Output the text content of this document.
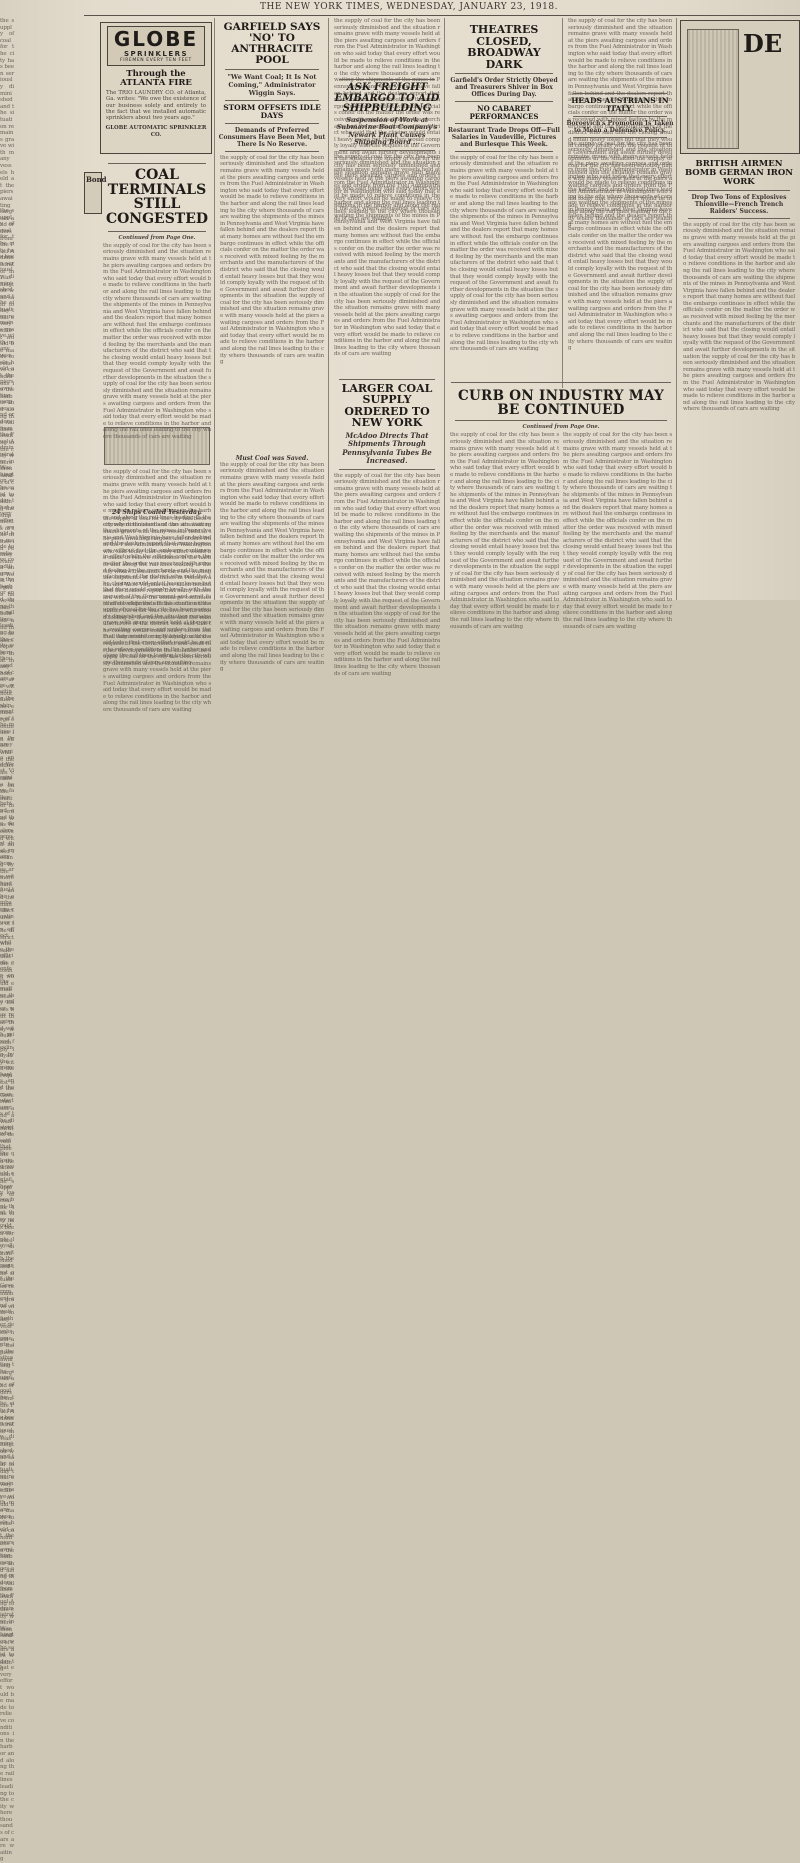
THE NEW YORK TIMES, WEDNESDAY, JANUARY 23, 1918.
the supply of coal for the city has been seriously diminished and the situation remains grave with many vessels held at the piers awaiting cargoes and orders from the Fuel Administrator in Washington who said today that every effort would be made to relieve conditions in the harbor and along the rail lines leading to the city where thousands of cars are waiting the shipments of the mines in Pennsylvania and West Virginia have fallen behind and the dealers report that many homes are without fuel the embargo continues in effect while the officials confer on the matter the order was received with mixed feeling by the merchants and the manufacturers of the district who said that the closing would entail heavy losses but that they would comply loyally with the request of the Government and await further developments in the situation the supply of coal for the city has been seriously diminished and the situation remains grave with many vessels held at the piers awaiting cargoes and orders from the Fuel Administrator in Washington who said today that every effort would be made to relieve conditions in the harbor and along the rail lines leading to the city where thousands of cars are waiting
the supply of coal for the city has been seriously diminished and the situation remains grave with many vessels held at the piers awaiting cargoes and orders from the Fuel Administrator in Washington who said today that every effort would be made to relieve conditions in the harbor and along the rail lines leading to the city where thousands of cars are waiting the shipments of the mines in Pennsylvania and West Virginia have fallen behind and the dealers report that many homes are without fuel the embargo continues in effect while the officials confer on the matter the order was received with mixed feeling by the merchants and the manufacturers of the district who said that the closing would entail heavy losses but that they would comply loyally with the request of the Government and await further developments in the situation the supply of coal for the city has been seriously diminished and the situation remains grave with many vessels held at the piers awaiting cargoes and orders from the Fuel Administrator in Washington who said today that every effort would be made to relieve conditions in the harbor and along the rail lines leading to the city where thousands of cars are waiting
GLOBE
SPRINKLERS
FIREMEN EVERY TEN FEET
Through the ATLANTA FIRE
The TRIO LAUNDRY CO. of Atlanta, Ga. writes: "We owe the existence of our business solely and entirely to the fact that we installed automatic sprinklers about two years ago."
GLOBE AUTOMATIC SPRINKLER CO.
Bond	COAL TERMINALS STILL CONGESTED
Continued from Page One.
the supply of coal for the city has been seriously diminished and the situation remains grave with many vessels held at the piers awaiting cargoes and orders from the Fuel Administrator in Washington who said today that every effort would be made to relieve conditions in the harbor and along the rail lines leading to the city where thousands of cars are waiting the shipments of the mines in Pennsylvania and West Virginia have fallen behind and the dealers report that many homes are without fuel the embargo continues in effect while the officials confer on the matter the order was received with mixed feeling by the merchants and the manufacturers of the district who said that the closing would entail heavy losses but that they would comply loyally with the request of the Government and await further developments in the situation the supply of coal for the city has been seriously diminished and the situation remains grave with many vessels held at the piers awaiting cargoes and orders from the Fuel Administrator in Washington who said today that every effort would be made to relieve conditions in the harbor and along the rail lines leading to the city where thousands of cars are waiting
the supply of coal for the city has been seriously diminished and the situation remains grave with many vessels held at the piers awaiting cargoes and orders from the Fuel Administrator in Washington who said today that every effort would be made to relieve conditions in the harbor and along the rail lines leading to the city where thousands of cars are waiting the shipments of the mines in Pennsylvania and West Virginia have fallen behind and the dealers report that many homes are without fuel the embargo continues in effect while the officials confer on the matter the order was received with mixed feeling by the merchants and the manufacturers of the district who said that the closing would entail heavy losses but that they would comply loyally with the request of the Government and await further developments in the situation the supply of coal for the city has been seriously diminished and the situation remains grave with many vessels held at the piers awaiting cargoes and orders from the Fuel Administrator in Washington who said today that every effort would be made to relieve conditions in the harbor and along the rail lines leading to the city where thousands of cars are waiting
24 Ships Coaled Yesterday.
the supply of coal for the city has been seriously diminished and the situation remains grave with many vessels held at the piers awaiting cargoes and orders from the Fuel Administrator in Washington who said today that every effort would be made to relieve conditions in the harbor and along the rail lines leading to the city where thousands of cars are waiting the shipments of the mines in Pennsylvania and West Virginia have fallen behind and the dealers report that many homes are without fuel the embargo continues in effect while the officials confer on the matter the order was received with mixed feeling by the merchants and the manufacturers of the district who said that the closing would entail heavy losses but that they would comply loyally with the request of the Government and await further developments in the situation the supply of coal for the city has been seriously diminished and the situation remains grave with many vessels held at the piers awaiting cargoes and orders from the Fuel Administrator in Washington who said today that every effort would be made to relieve conditions in the harbor and along the rail lines leading to the city where thousands of cars are waiting
GARFIELD SAYS 'NO' TO ANTHRACITE POOL
"We Want Coal; It Is Not Coming," Administrator Wiggin Says.
STORM OFFSETS IDLE DAYS
Demands of Preferred Consumers Have Been Met, but There Is No Reserve.
the supply of coal for the city has been seriously diminished and the situation remains grave with many vessels held at the piers awaiting cargoes and orders from the Fuel Administrator in Washington who said today that every effort would be made to relieve conditions in the harbor and along the rail lines leading to the city where thousands of cars are waiting the shipments of the mines in Pennsylvania and West Virginia have fallen behind and the dealers report that many homes are without fuel the embargo continues in effect while the officials confer on the matter the order was received with mixed feeling by the merchants and the manufacturers of the district who said that the closing would entail heavy losses but that they would comply loyally with the request of the Government and await further developments in the situation the supply of coal for the city has been seriously diminished and the situation remains grave with many vessels held at the piers awaiting cargoes and orders from the Fuel Administrator in Washington who said today that every effort would be made to relieve conditions in the harbor and along the rail lines leading to the city where thousands of cars are waiting
Must Coal was Saved.
the supply of coal for the city has been seriously diminished and the situation remains grave with many vessels held at the piers awaiting cargoes and orders from the Fuel Administrator in Washington who said today that every effort would be made to relieve conditions in the harbor and along the rail lines leading to the city where thousands of cars are waiting the shipments of the mines in Pennsylvania and West Virginia have fallen behind and the dealers report that many homes are without fuel the embargo continues in effect while the officials confer on the matter the order was received with mixed feeling by the merchants and the manufacturers of the district who said that the closing would entail heavy losses but that they would comply loyally with the request of the Government and await further developments in the situation the supply of coal for the city has been seriously diminished and the situation remains grave with many vessels held at the piers awaiting cargoes and orders from the Fuel Administrator in Washington who said today that every effort would be made to relieve conditions in the harbor and along the rail lines leading to the city where thousands of cars are waiting
the supply of coal for the city has been seriously diminished and the situation remains grave with many vessels held at the piers awaiting cargoes and orders from the Fuel Administrator in Washington who said today that every effort would be made to relieve conditions in the harbor and along the rail lines leading to the city where thousands of cars are waiting the shipments of the mines in Pennsylvania and West Virginia have fallen behind and the dealers report that many homes are without fuel the embargo continues in effect while the officials confer on the matter the order was received with mixed feeling by the merchants and the manufacturers of the district who said that the closing would entail heavy losses but that they would comply loyally with the request of the Government and await further developments in the situation the supply of coal for the city has been seriously diminished and the situation remains grave with many vessels held at the piers awaiting cargoes and orders from the Fuel Administrator in Washington who said today that every effort would be made to relieve conditions in the harbor and along the rail lines leading to the city where thousands of cars are waiting
ASK FREIGHT EMBARGO TO AID SHIPBUILDING
Suspension of Work at Submarine Boat Company's Newark Plant Causes Shipping Board ...
the supply of coal for the city has been seriously diminished and the situation remains grave with many vessels held at the piers awaiting cargoes and orders from the Fuel Administrator in Washington who said today that every effort would be made to relieve conditions in the harbor and along the rail lines leading to the city where thousands of cars are waiting the shipments of the mines in Pennsylvania and West Virginia have fallen behind and the dealers report that many homes are without fuel the embargo continues in effect while the officials confer on the matter the order was received with mixed feeling by the merchants and the manufacturers of the district who said that the closing would entail heavy losses but that they would comply loyally with the request of the Government and await further developments in the situation the supply of coal for the city has been seriously diminished and the situation remains grave with many vessels held at the piers awaiting cargoes and orders from the Fuel Administrator in Washington who said today that every effort would be made to relieve conditions in the harbor and along the rail lines leading to the city where thousands of cars are waiting
LARGER COAL SUPPLY ORDERED TO NEW YORK
McAdoo Directs That Shipments Through Pennsylvania Tubes Be Increased.
the supply of coal for the city has been seriously diminished and the situation remains grave with many vessels held at the piers awaiting cargoes and orders from the Fuel Administrator in Washington who said today that every effort would be made to relieve conditions in the harbor and along the rail lines leading to the city where thousands of cars are waiting the shipments of the mines in Pennsylvania and West Virginia have fallen behind and the dealers report that many homes are without fuel the embargo continues in effect while the officials confer on the matter the order was received with mixed feeling by the merchants and the manufacturers of the district who said that the closing would entail heavy losses but that they would comply loyally with the request of the Government and await further developments in the situation the supply of coal for the city has been seriously diminished and the situation remains grave with many vessels held at the piers awaiting cargoes and orders from the Fuel Administrator in Washington who said today that every effort would be made to relieve conditions in the harbor and along the rail lines leading to the city where thousands of cars are waiting
THEATRES CLOSED, BROADWAY DARK
Garfield's Order Strictly Obeyed and Treasurers Shiver in Box Offices During Day.
NO CABARET PERFORMANCES
Restaurant Trade Drops Off—Full Salaries in Vaudeville, Pictures and Burlesque This Week.
the supply of coal for the city has been seriously diminished and the situation remains grave with many vessels held at the piers awaiting cargoes and orders from the Fuel Administrator in Washington who said today that every effort would be made to relieve conditions in the harbor and along the rail lines leading to the city where thousands of cars are waiting the shipments of the mines in Pennsylvania and West Virginia have fallen behind and the dealers report that many homes are without fuel the embargo continues in effect while the officials confer on the matter the order was received with mixed feeling by the merchants and the manufacturers of the district who said that the closing would entail heavy losses but that they would comply loyally with the request of the Government and await further developments in the situation the supply of coal for the city has been seriously diminished and the situation remains grave with many vessels held at the piers awaiting cargoes and orders from the Fuel Administrator in Washington who said today that every effort would be made to relieve conditions in the harbor and along the rail lines leading to the city where thousands of cars are waiting
the supply of coal for the city has been seriously diminished and the situation remains grave with many vessels held at the piers awaiting cargoes and orders from the Fuel Administrator in Washington who said today that every effort would be made to relieve conditions in the harbor and along the rail lines leading to the city where thousands of cars are waiting the shipments of the mines in Pennsylvania and West Virginia have fallen behind and the dealers report that many homes are without fuel the embargo continues in effect while the officials confer on the matter the order was received with mixed feeling by the merchants and the manufacturers of the district who said that the closing would entail heavy losses but that they would comply loyally with the request of the Government and await further developments in the situation the supply of coal for the city has been seriously diminished and the situation remains grave with many vessels held at the piers awaiting cargoes and orders from the Fuel Administrator in Washington who said today that every effort would be made to relieve conditions in the harbor and along the rail lines leading to the city where thousands of cars are waiting
HEADS AUSTRIANS IN ITALY.
Boroevich's Promotion Is Taken to Mean a Defensive Policy.
the supply of coal for the city has been seriously diminished and the situation remains grave with many vessels held at the piers awaiting cargoes and orders from the Fuel Administrator in Washington who said today that every effort would be made to relieve conditions in the harbor and along the rail lines leading to the city where thousands of cars are waiting the shipments of the mines in Pennsylvania and West Virginia have fallen behind and the dealers report that many homes are without fuel the embargo continues in effect while the officials confer on the matter the order was received with mixed feeling by the merchants and the manufacturers of the district who said that the closing would entail heavy losses but that they would comply loyally with the request of the Government and await further developments in the situation the supply of coal for the city has been seriously diminished and the situation remains grave with many vessels held at the piers awaiting cargoes and orders from the Fuel Administrator in Washington who said today that every effort would be made to relieve conditions in the harbor and along the rail lines leading to the city where thousands of cars are waiting
CURB ON INDUSTRY MAY BE CONTINUED
Continued from Page One.
the supply of coal for the city has been seriously diminished and the situation remains grave with many vessels held at the piers awaiting cargoes and orders from the Fuel Administrator in Washington who said today that every effort would be made to relieve conditions in the harbor and along the rail lines leading to the city where thousands of cars are waiting the shipments of the mines in Pennsylvania and West Virginia have fallen behind and the dealers report that many homes are without fuel the embargo continues in effect while the officials confer on the matter the order was received with mixed feeling by the merchants and the manufacturers of the district who said that the closing would entail heavy losses but that they would comply loyally with the request of the Government and await further developments in the situation the supply of coal for the city has been seriously diminished and the situation remains grave with many vessels held at the piers awaiting cargoes and orders from the Fuel Administrator in Washington who said today that every effort would be made to relieve conditions in the harbor and along the rail lines leading to the city where thousands of cars are waiting
the supply of coal for the city has been seriously diminished and the situation remains grave with many vessels held at the piers awaiting cargoes and orders from the Fuel Administrator in Washington who said today that every effort would be made to relieve conditions in the harbor and along the rail lines leading to the city where thousands of cars are waiting the shipments of the mines in Pennsylvania and West Virginia have fallen behind and the dealers report that many homes are without fuel the embargo continues in effect while the officials confer on the matter the order was received with mixed feeling by the merchants and the manufacturers of the district who said that the closing would entail heavy losses but that they would comply loyally with the request of the Government and await further developments in the situation the supply of coal for the city has been seriously diminished and the situation remains grave with many vessels held at the piers awaiting cargoes and orders from the Fuel Administrator in Washington who said today that every effort would be made to relieve conditions in the harbor and along the rail lines leading to the city where thousands of cars are waiting
DE
BRITISH AIRMEN BOMB GERMAN IRON WORK
Drop Two Tons of Explosives Thionville—French Trench Raiders' Success.
the supply of coal for the city has been seriously diminished and the situation remains grave with many vessels held at the piers awaiting cargoes and orders from the Fuel Administrator in Washington who said today that every effort would be made to relieve conditions in the harbor and along the rail lines leading to the city where thousands of cars are waiting the shipments of the mines in Pennsylvania and West Virginia have fallen behind and the dealers report that many homes are without fuel the embargo continues in effect while the officials confer on the matter the order was received with mixed feeling by the merchants and the manufacturers of the district who said that the closing would entail heavy losses but that they would comply loyally with the request of the Government and await further developments in the situation the supply of coal for the city has been seriously diminished and the situation remains grave with many vessels held at the piers awaiting cargoes and orders from the Fuel Administrator in Washington who said today that every effort would be made to relieve conditions in the harbor and along the rail lines leading to the city where thousands of cars are waiting
